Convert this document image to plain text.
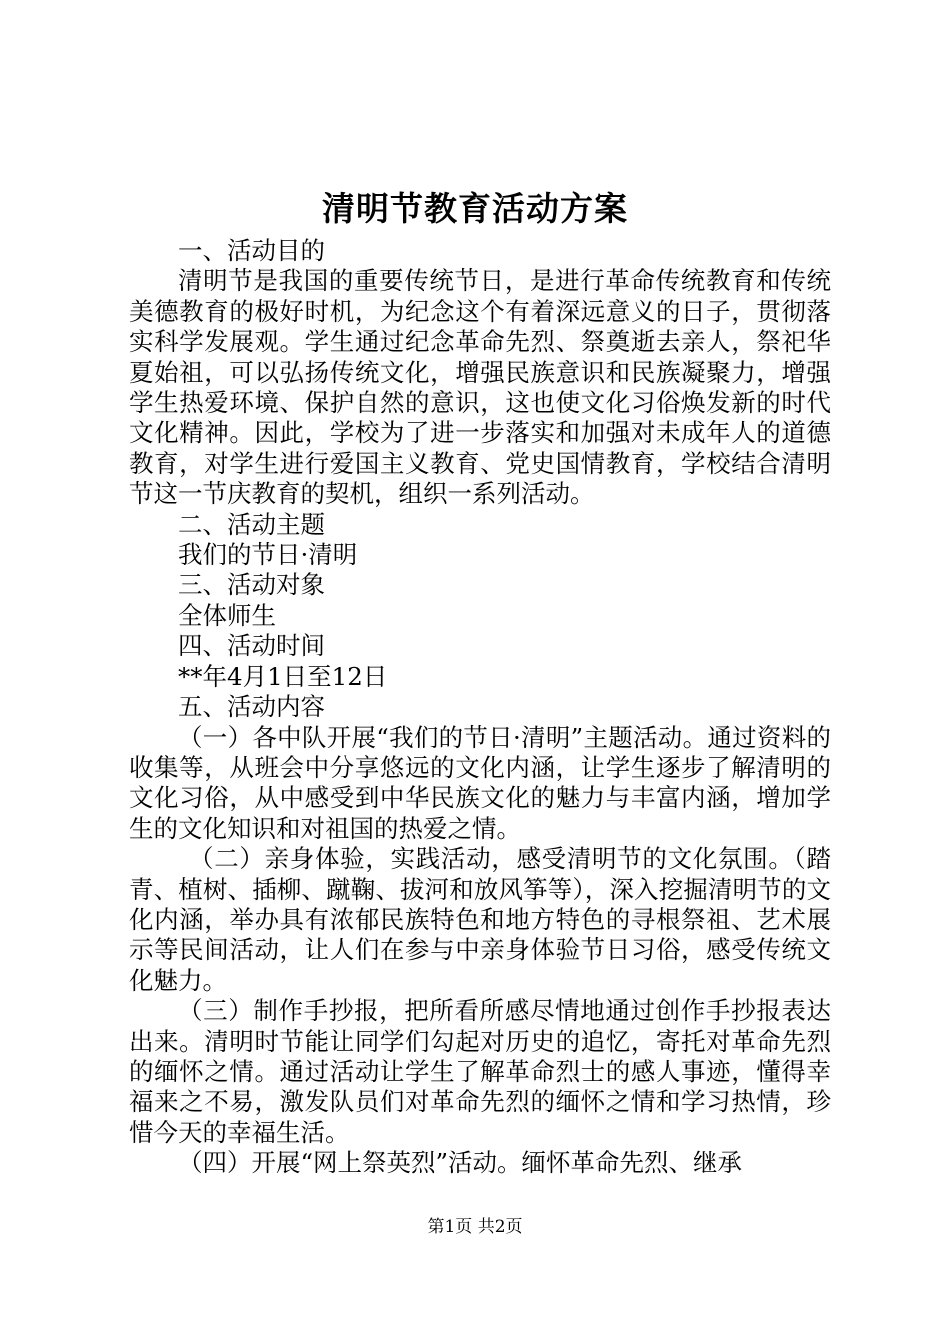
清明节教育活动方案

一、活动目的

清明节是我国的重要传统节日，是进行革命传统教育和传统美德教育的极好时机，为纪念这个有着深远意义的日子，贯彻落实科学发展观。学生通过纪念革命先烈、祭奠逝去亲人，祭祀华夏始祖，可以弘扬传统文化，增强民族意识和民族凝聚力，增强学生热爱环境、保护自然的意识，这也使文化习俗焕发新的时代文化精神。因此，学校为了进一步落实和加强对未成年人的道德教育，对学生进行爱国主义教育、党史国情教育，学校结合清明节这一节庆教育的契机，组织一系列活动。

二、活动主题

我们的节日·清明

三、活动对象

全体师生

四、活动时间

**年4月1日至12日

五、活动内容

（一）各中队开展“我们的节日·清明”主题活动。通过资料的收集等，从班会中分享悠远的文化内涵，让学生逐步了解清明的文化习俗，从中感受到中华民族文化的魅力与丰富内涵，增加学生的文化知识和对祖国的热爱之情。

（二）亲身体验，实践活动，感受清明节的文化氛围。（踏青、植树、插柳、蹴鞠、拔河和放风筝等），深入挖掘清明节的文化内涵，举办具有浓郁民族特色和地方特色的寻根祭祖、艺术展示等民间活动，让人们在参与中亲身体验节日习俗，感受传统文化魅力。

（三）制作手抄报，把所看所感尽情地通过创作手抄报表达出来。清明时节能让同学们勾起对历史的追忆，寄托对革命先烈的缅怀之情。通过活动让学生了解革命烈士的感人事迹，懂得幸福来之不易，激发队员们对革命先烈的缅怀之情和学习热情，珍惜今天的幸福生活。

（四）开展“网上祭英烈”活动。缅怀革命先烈、继承

第1页 共2页
